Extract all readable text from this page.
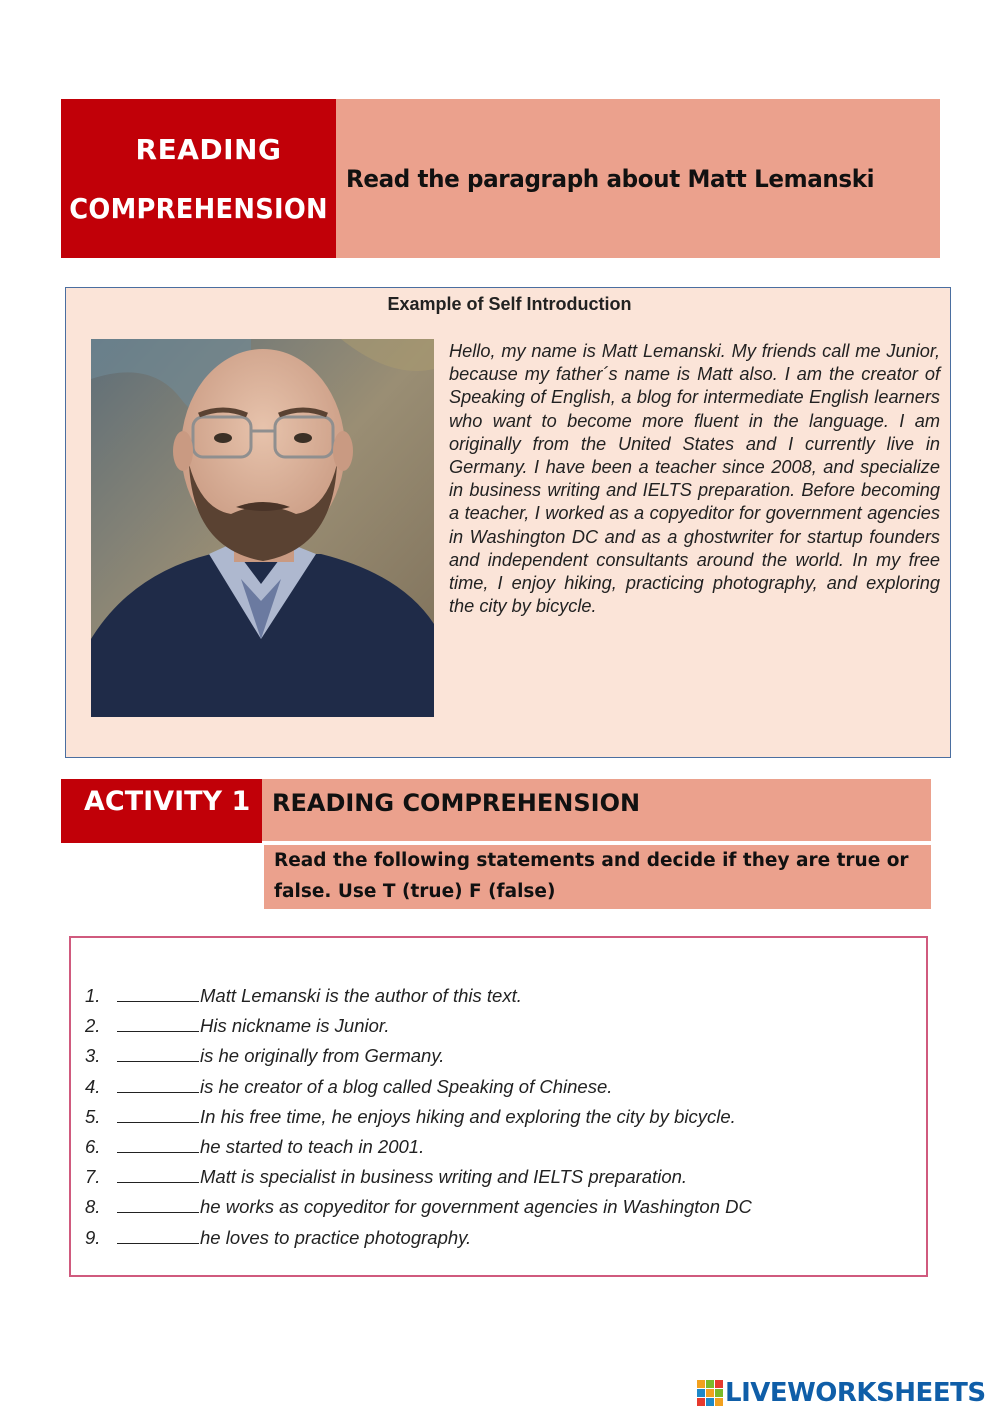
READING
COMPREHENSION
Read the paragraph about Matt Lemanski
Example of Self Introduction
Hello, my name is Matt Lemanski. My friends call me Junior, because my father´s name is Matt also. I am the creator of Speaking of English, a blog for intermediate English learners who want to become more fluent in the language. I am originally from the United States and I currently live in Germany. I have been a teacher since 2008, and specialize in business writing and IELTS preparation. Before becoming a teacher, I worked as a copyeditor for government agencies in Washington DC and as a ghostwriter for startup founders and independent consultants around the world. In my free time, I enjoy hiking, practicing photography, and exploring the city by bicycle.
ACTIVITY 1 READING COMPREHENSION
Read the following statements and decide if they are true or false. Use T (true) F (false)
1.	Matt Lemanski is the author of this text.
2.	His nickname is Junior.
3.	is he originally from Germany.
4.	is he creator of a blog called Speaking of Chinese.
5.	In his free time, he enjoys hiking and exploring the city by bicycle.
6.	he started to teach in 2001.
7.	Matt is specialist in business writing and IELTS preparation.
8.	he works as copyeditor for government agencies in Washington DC
9.	he loves to practice photography.
LIVEWORKSHEETS
